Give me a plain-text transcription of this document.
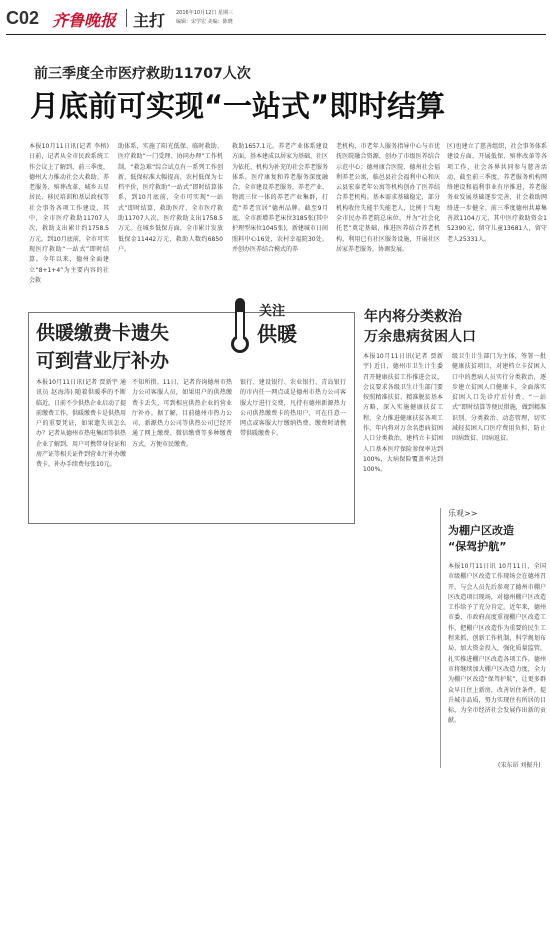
C02 齐鲁晚报 主打 2016年10月12日 星期三
编辑：宋学宏 美编：陈晓
前三季度全市医疗救助11707人次
月底前可实现“一站式”即时结算
本报10月11日讯(记者 李榕) 日前，记者从全市民政系统工作会议上了解到，前三季度，德州大力推动社会大救助、养老服务、殡葬改革、城乡五星居民、移民培训和基层政权等社会事务各项工作建设，其中，全市医疗救助11707人次，救助支出累计约1758.5万元。到10月底前，全市可实现医疗救助“一站式”即时结算。今年以来，德州全面建立“8+1+4”为主要内容的社会救
助体系，实施了阳光低保、临时救助、医疗救助“一门受理、协同办理”工作机制。“救急难”综合试点有一系列工作创新，低保标准大幅提高，农村低保为七档平价，医疗救助“一站式”即时结算体系，到10月底前，全市可实现“一站式”即时结算，救助医疗、全市医疗救助11707人次，医疗救助支出1758.5万元。在城乡低保方面，全市累计发放低保金11442万元，救助人数约6850户。
救助1657.1元。养老产业体系建设方面，基本建成以居家为基础、社区为依托、机构为补充的社会养老服务体系，医疗康复和养老服务深度融合，全市建设养老服务，养老产业、物流三位一体的养老产业集群，打造“养老宜居”德州品牌。截至9月底，全市新增养老床位3185张(其中护理型床位1045张)，新建城市日间照料中心16处，农村幸福院30处。并创办医养结合模式的养
老机构，市老年人服务指导中心与市优抚医院融合资源，创办了市级医养结合示范中心；德州康合医院、德州社会福利养老公寓，临邑县社会福利中心和庆云县宏泰老年公寓等机构创办了医养结合养老机构。基本需求基础稳定，部分机构收住失能半失能老人，比例于当地全市民办养老院总床位，并为“社会化托老”奠定基础，推进医养结合养老机构，利用已有社区服务设施，开展社区居家养老服务，协调发展。
区)也建立了慈善组织，社会事务体系建设方面，开展低保、殡葬改革等各项工作，社会各界共同参与慈善活动，截至前三季度，养老服务机构网络建设和福利事业有序推进，养老服务业发展基础逐步完善，社会救助网络进一步健全。前三季度德州共募集善款1104万元，其中医疗救助资金152390元，留守儿童13681人，留守老人25331人。
供暖缴费卡遗失
可到营业厅补办
关注
供暖
本报10月11日讯(记者 贾新宇 通讯员 赵海涛) 随着供暖季的不断临近，日前不少供热企业启动了提前缴费工作，供暖缴费卡是供热用户的重要凭证，如果遗失该怎么办？记者从德州市热电集团等供热企业了解到，用户可携带身份证和房产证等相关证件到营业厅补办缴费卡，补办手续费每张10元。
不知所措。11日，记者咨询德州市热力公司客服人员，如果用户的供热缴费卡丢失，可到相应供热企业的营业厅补办。据了解，目前德州市热力公司、新源热力公司等供热公司已经开通了网上缴费、微信缴费等多种缴费方式，方便市民缴费。
银行、建设银行、农业银行、青岛银行的市内任一网点或是德州市热力公司客服大厅进行交费，凡持有德州新源热力公司供热缴费卡的热用户，可在任意一网点或客服大厅缴纳热费。缴费时请携带供暖缴费卡。
年内将分类救治
万余患病贫困人口
本报10月11日讯(记者 贾新宇) 近日，德州市卫生计生委召开健康扶贫工作推进会议，会议要求各级卫生计生部门要按照精准扶贫、精准脱贫基本方略，深入实施健康扶贫工程，全力推进健康扶贫各项工作，年内将对万余名患病贫困人口分类救治，建档立卡贫困人口基本医疗保险参保率达到100%，大病保险覆盖率达到100%。
级卫生计生部门为主体，签署一批健康扶贫项目，对建档立卡贫困人口中的患病人员实行分类救治，逐步建立贫困人口健康卡，全面落实贫困人口先诊疗后付费、“一站式”即时结算等便民措施，做到精准识别、分类救治、动态管理，切实减轻贫困人口医疗费用负担，防止因病致贫、因病返贫。
乐观>>
为棚户区改造
“保驾护航”
本报10月11日讯 10月11日，全国市级棚户区改造工作现场会在德州召开，与会人员先后参观了德州市棚户区改造项目现场，对德州棚户区改造工作给予了充分肯定。近年来，德州市委、市政府高度重视棚户区改造工作，把棚户区改造作为重要的民生工程来抓，创新工作机制，科学规划布局，加大资金投入，强化质量监管，扎实推进棚户区改造各项工作。德州市将继续加大棚户区改造力度，全力为棚户区改造“保驾护航”，让更多群众早日住上新房，改善居住条件，提升城市品质，努力实现住有所居的目标，为全市经济社会发展作出新的贡献。
(宋东昂 刘振升)
